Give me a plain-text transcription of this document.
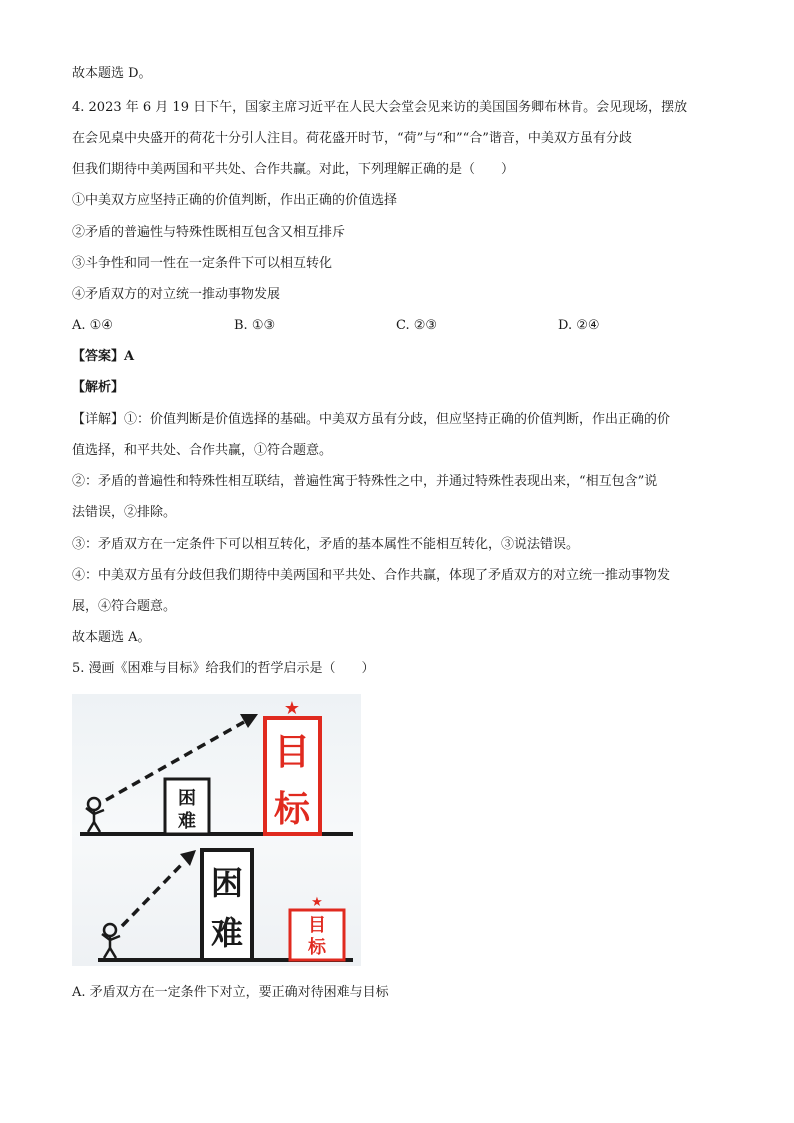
故本题选 D。
4. 2023 年 6 月 19 日下午，国家主席习近平在人民大会堂会见来访的美国国务卿布林肯。会见现场，摆放
在会见桌中央盛开的荷花十分引人注目。荷花盛开时节，“荷”与“和”“合”谐音，中美双方虽有分歧
但我们期待中美两国和平共处、合作共赢。对此，下列理解正确的是（　　）
①中美双方应坚持正确的价值判断，作出正确的价值选择
②矛盾的普遍性与特殊性既相互包含又相互排斥
③斗争性和同一性在一定条件下可以相互转化
④矛盾双方的对立统一推动事物发展
A. ①④	B. ①③	C. ②③	D. ②④
【答案】A
【解析】
【详解】①：价值判断是价值选择的基础。中美双方虽有分歧，但应坚持正确的价值判断，作出正确的价
值选择，和平共处、合作共赢，①符合题意。
②：矛盾的普遍性和特殊性相互联结，普遍性寓于特殊性之中，并通过特殊性表现出来，“相互包含”说
法错误，②排除。
③：矛盾双方在一定条件下可以相互转化，矛盾的基本属性不能相互转化，③说法错误。
④：中美双方虽有分歧但我们期待中美两国和平共处、合作共赢，体现了矛盾双方的对立统一推动事物发
展，④符合题意。
故本题选 A。
5. 漫画《困难与目标》给我们的哲学启示是（　　）
困
难
★
目
标
困
难
★
目
标
A. 矛盾双方在一定条件下对立，要正确对待困难与目标
